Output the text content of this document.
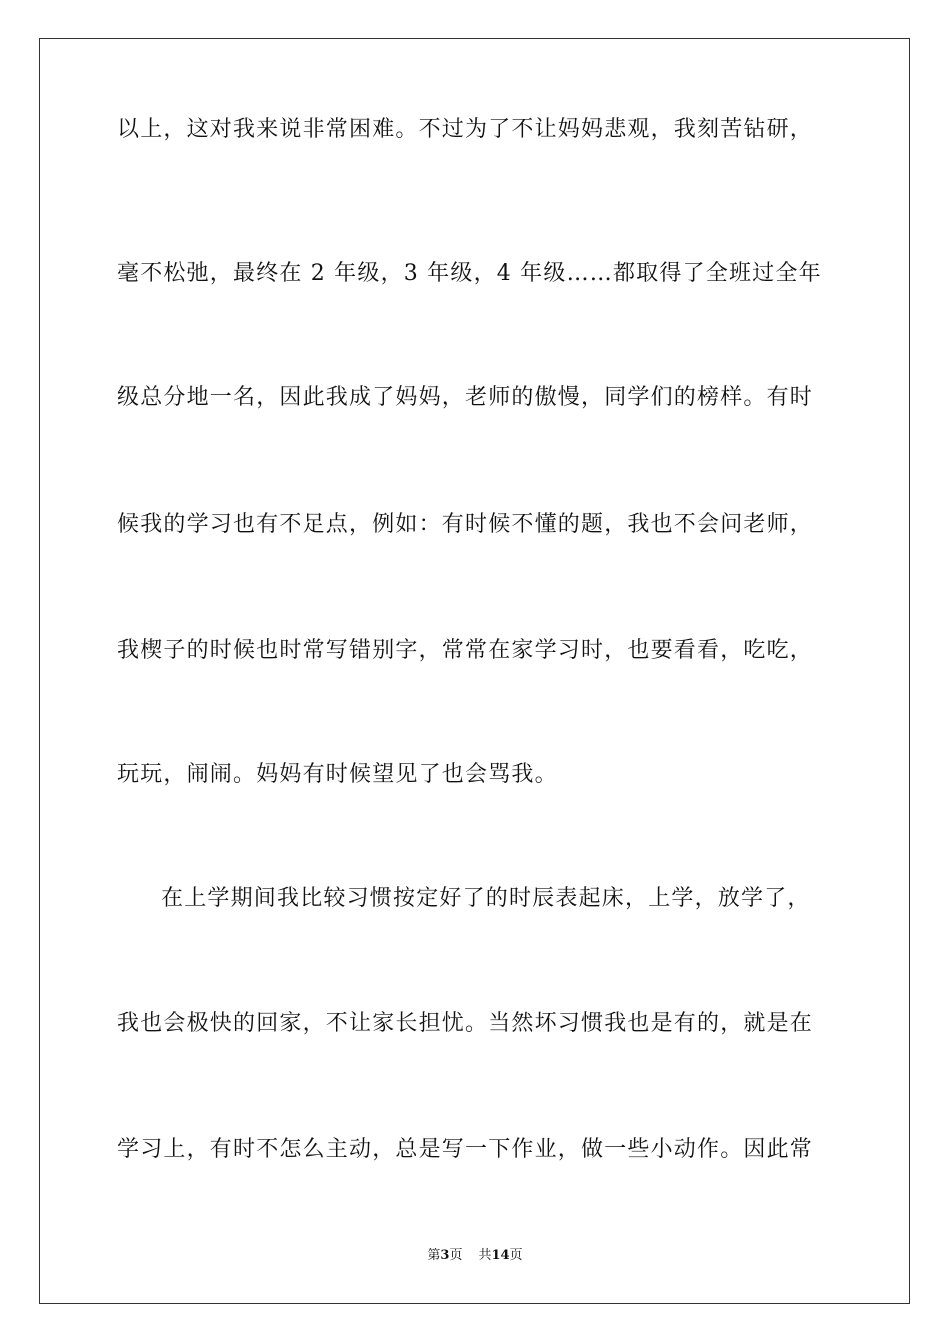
以上，这对我来说非常困难。不过为了不让妈妈悲观，我刻苦钻研，
毫不松弛，最终在 2 年级，3 年级，4 年级……都取得了全班过全年
级总分地一名，因此我成了妈妈，老师的傲慢，同学们的榜样。有时
候我的学习也有不足点，例如：有时候不懂的题，我也不会问老师，
我楔子的时候也时常写错别字，常常在家学习时，也要看看，吃吃，
玩玩，闹闹。妈妈有时候望见了也会骂我。
在上学期间我比较习惯按定好了的时辰表起床，上学，放学了，
我也会极快的回家，不让家长担忧。当然坏习惯我也是有的，就是在
学习上，有时不怎么主动，总是写一下作业，做一些小动作。因此常
第3页 共14页
